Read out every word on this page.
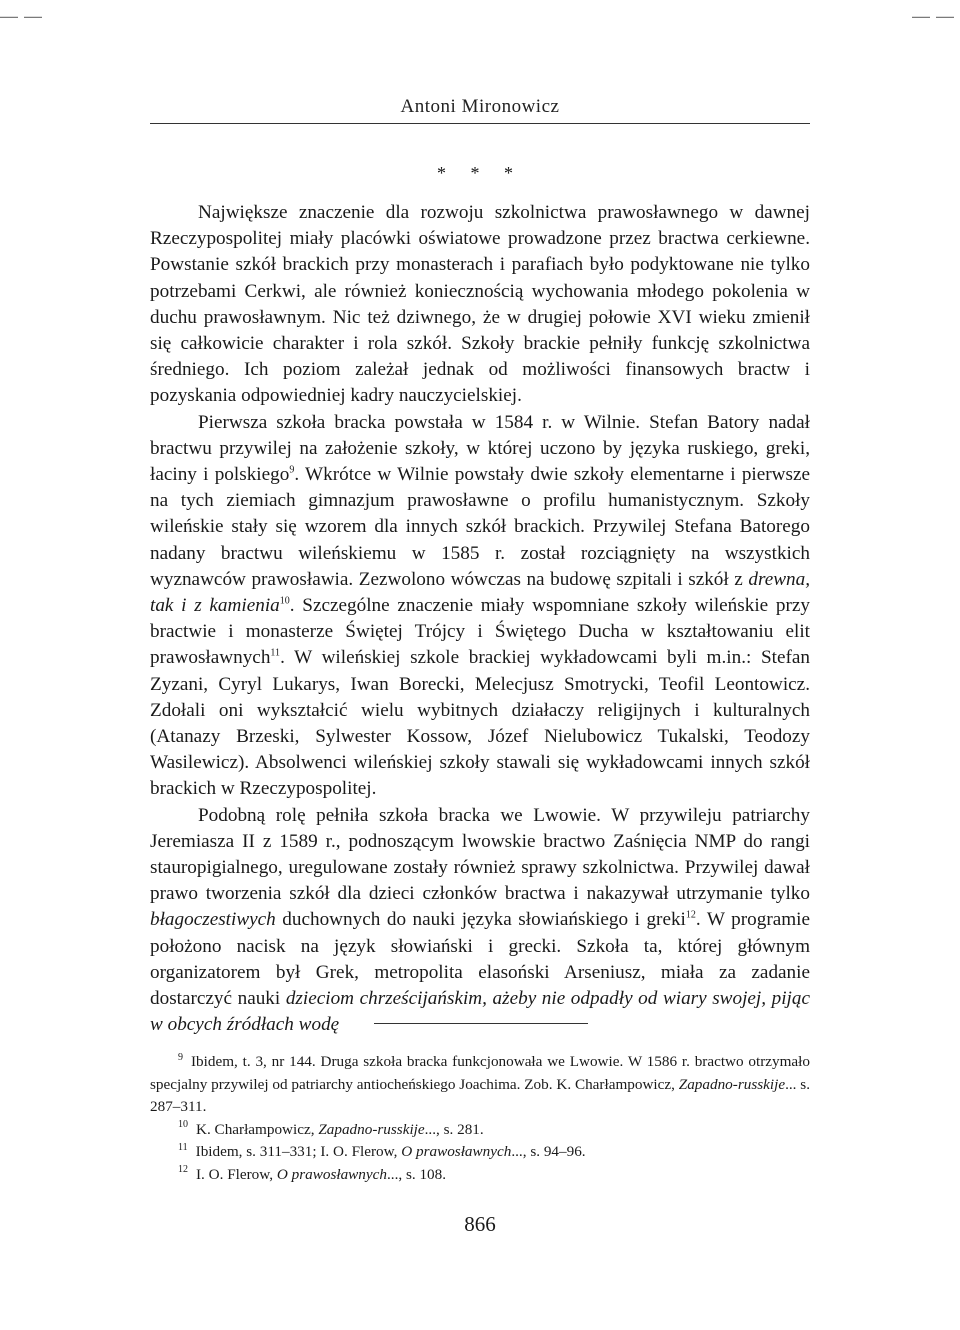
——	——
Antoni Mironowicz
* * *

Największe znaczenie dla rozwoju szkolnictwa prawosławnego w dawnej Rzeczypospolitej miały placówki oświatowe prowadzone przez bractwa cerkiewne. Powstanie szkół brackich przy monasterach i parafiach było podyktowane nie tylko potrzebami Cerkwi, ale również koniecznością wychowania młodego pokolenia w duchu prawosławnym. Nic też dziwnego, że w drugiej połowie XVI wieku zmienił się całkowicie charakter i rola szkół. Szkoły brackie pełniły funkcję szkolnictwa średniego. Ich poziom zależał jednak od możliwości finansowych bractw i pozyskania odpowiedniej kadry nauczycielskiej.

Pierwsza szkoła bracka powstała w 1584 r. w Wilnie. Stefan Batory nadał bractwu przywilej na założenie szkoły, w której uczono by języka ruskiego, greki, łaciny i polskiego$^9$. Wkrótce w Wilnie powstały dwie szkoły elementarne i pierwsze na tych ziemiach gimnazjum prawosławne o profilu humanistycznym. Szkoły wileńskie stały się wzorem dla innych szkół brackich. Przywilej Stefana Batorego nadany bractwu wileńskiemu w 1585 r. został rozciągnięty na wszystkich wyznawców prawosławia. Zezwolono wówczas na budowę szpitali i szkół z drewna, tak i z kamienia$^{10}$. Szczególne znaczenie miały wspomniane szkoły wileńskie przy bractwie i monasterze Świętej Trójcy i Świętego Ducha w kształtowaniu elit prawosławnych$^{11}$. W wileńskiej szkole brackiej wykładowcami byli m.in.: Stefan Zyzani, Cyryl Lukarys, Iwan Borecki, Melecjusz Smotrycki, Teofil Leontowicz. Zdołali oni wykształcić wielu wybitnych działaczy religijnych i kulturalnych (Atanazy Brzeski, Sylwester Kossow, Józef Nielubowicz Tukalski, Teodozy Wasilewicz). Absolwenci wileńskiej szkoły stawali się wykładowcami innych szkół brackich w Rzeczypospolitej.

Podobną rolę pełniła szkoła bracka we Lwowie. W przywileju patriarchy Jeremiasza II z 1589 r., podnoszącym lwowskie bractwo Zaśnięcia NMP do rangi stauropigialnego, uregulowane zostały również sprawy szkolnictwa. Przywilej dawał prawo tworzenia szkół dla dzieci członków bractwa i nakazywał utrzymanie tylko błagoczestiwych duchownych do nauki języka słowiańskiego i greki$^{12}$. W programie położono nacisk na język słowiański i grecki. Szkoła ta, której głównym organizatorem był Grek, metropolita elasoński Arseniusz, miała za zadanie dostarczyć nauki dzieciom chrześcijańskim, ażeby nie odpadły od wiary swojej, pijąc w obcych źródłach wodę

$^9$ Ibidem, t. 3, nr 144. Druga szkoła bracka funkcjonowała we Lwowie. W 1586 r. bractwo otrzymało specjalny przywilej od patriarchy antiocheńskiego Joachima. Zob. K. Charłampowicz, Zapadno-russkije... s. 287–311.

$^{10}$ K. Charłampowicz, Zapadno-russkije..., s. 281.

$^{11}$ Ibidem, s. 311–331; I. O. Flerow, O prawosławnych..., s. 94–96.

$^{12}$ I. O. Flerow, O prawosławnych..., s. 108.

866
